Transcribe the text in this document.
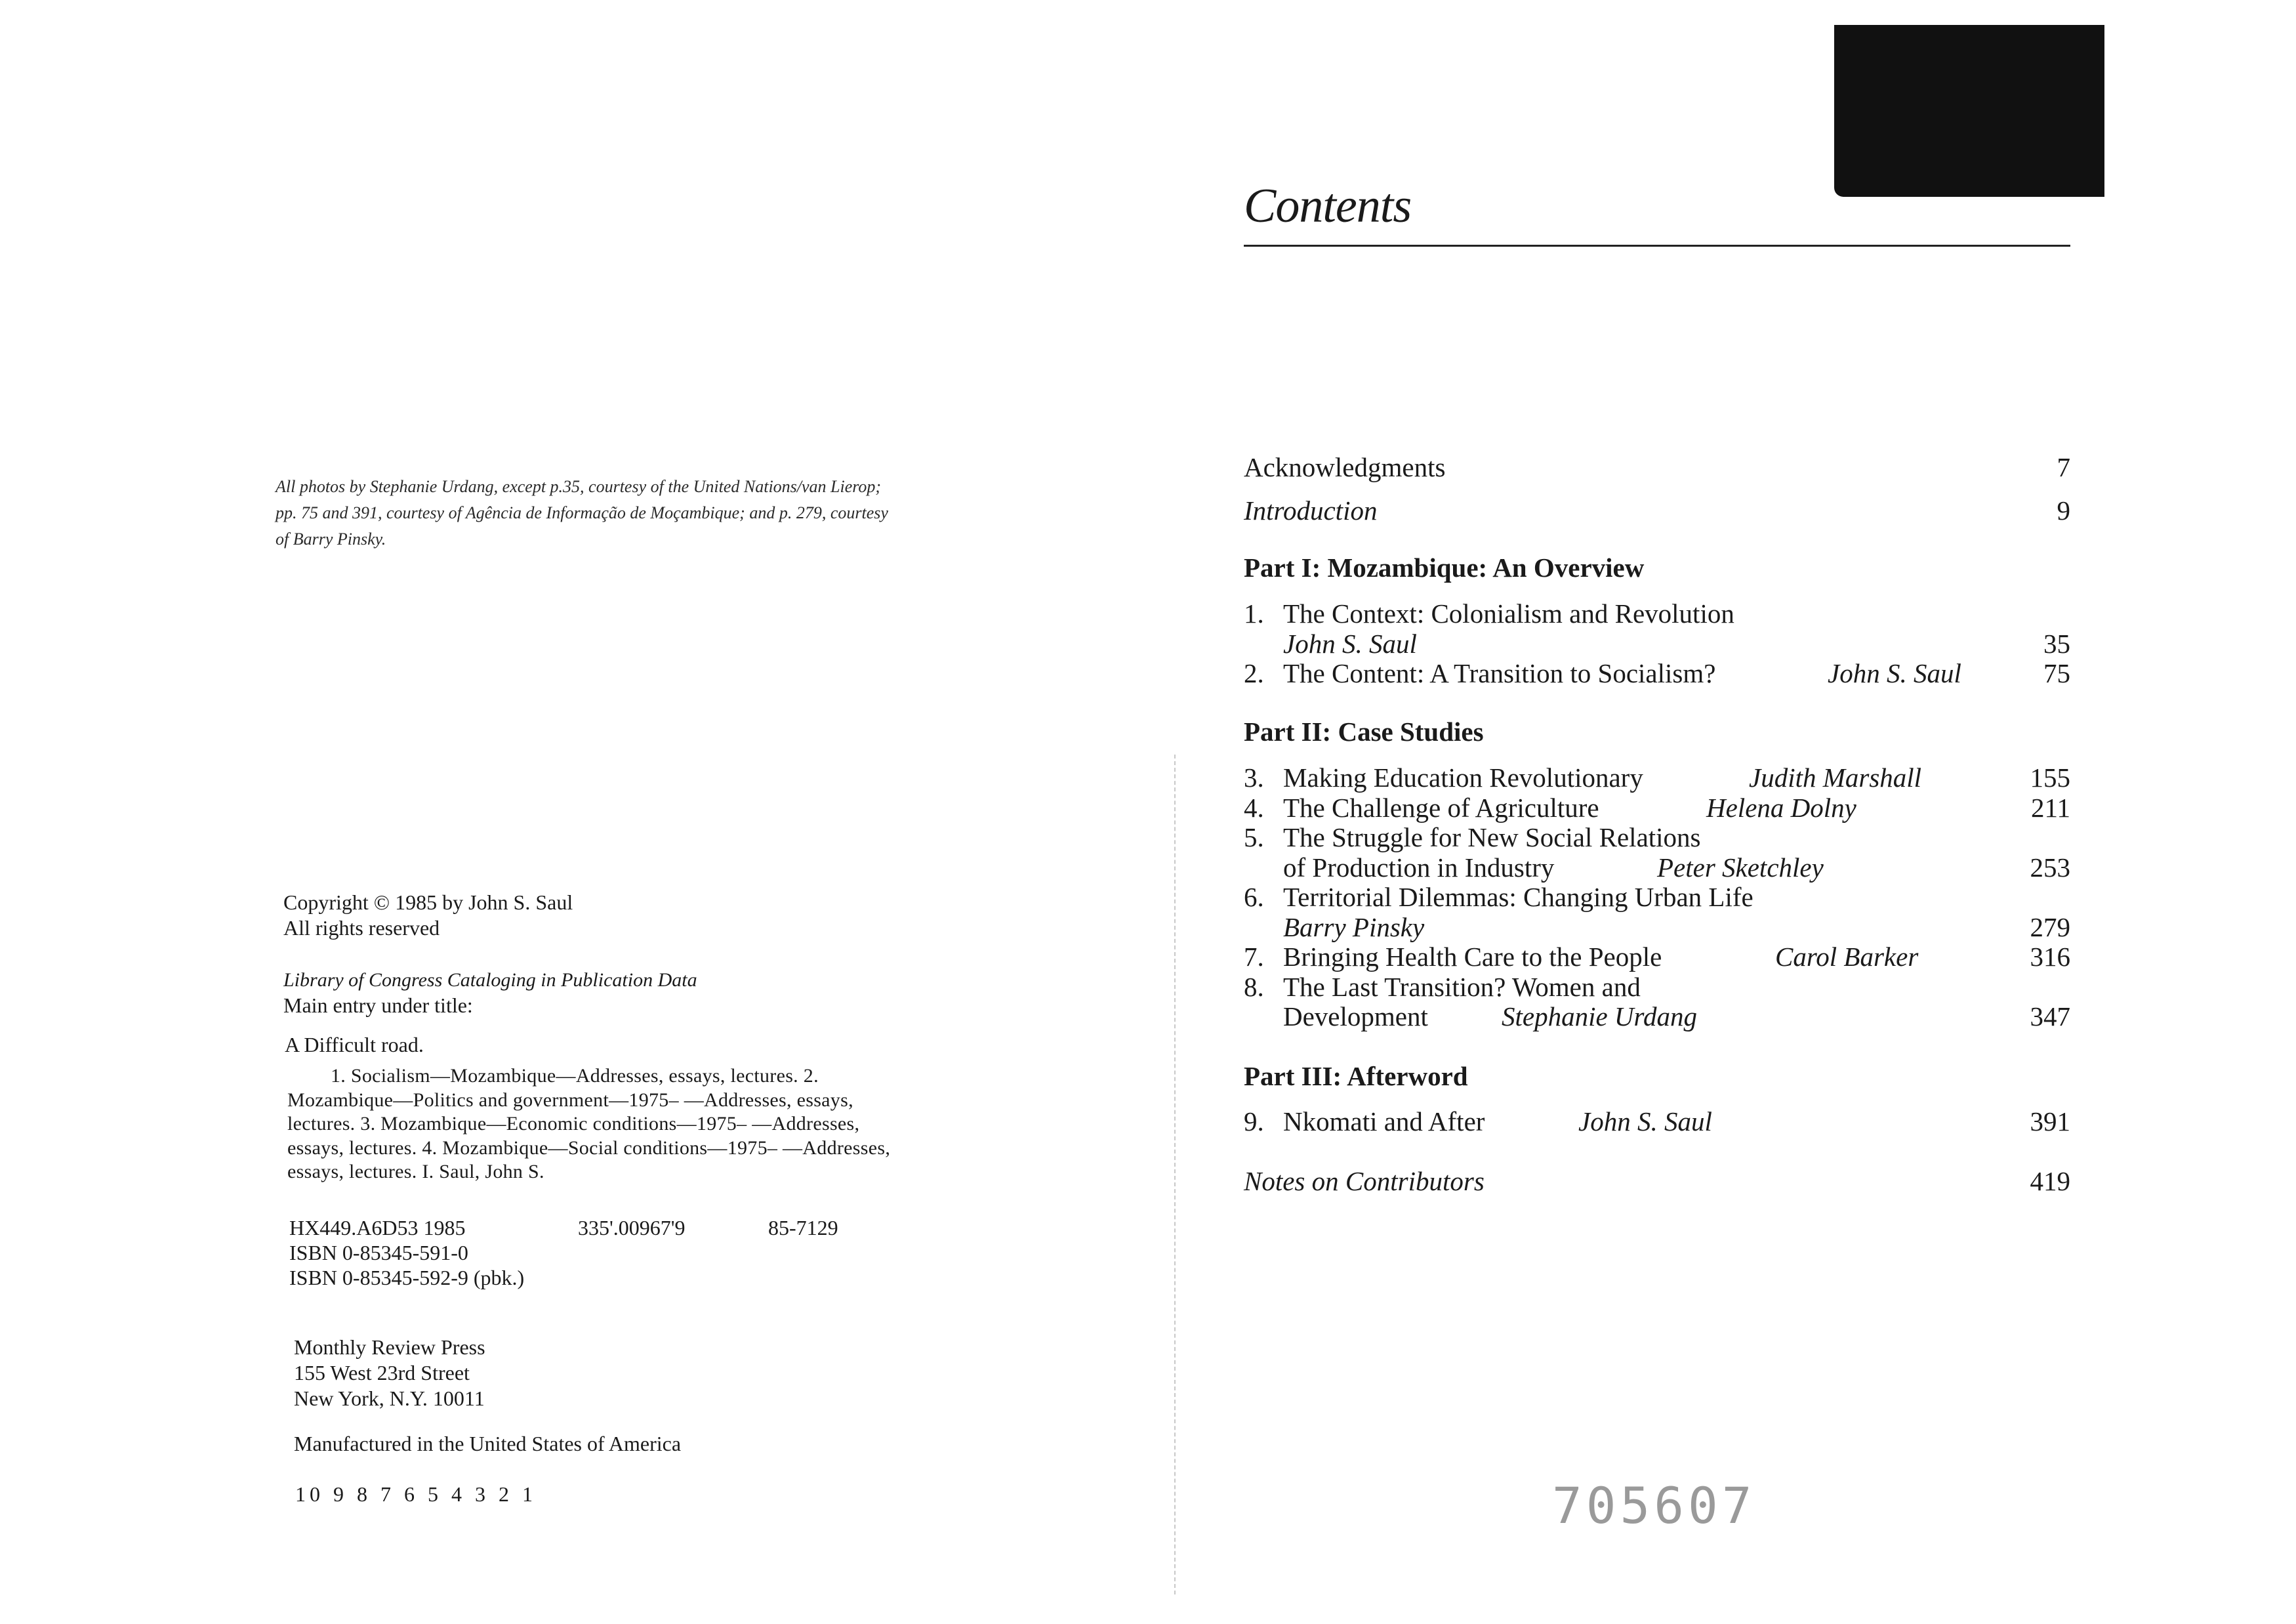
All photos by Stephanie Urdang, except p.35, courtesy of the United Nations/van Lierop; pp. 75 and 391, courtesy of Agência de Informação de Moçambique; and p. 279, courtesy of Barry Pinsky.

Copyright © 1985 by John S. Saul
All rights reserved
Library of Congress Cataloging in Publication Data
Main entry under title:
A Difficult road.

1. Socialism—Mozambique—Addresses, essays, lectures. 2. Mozambique—Politics and government—1975– —Addresses, essays, lectures. 3. Mozambique—Economic conditions—1975– —Addresses, essays, lectures. 4. Mozambique—Social conditions—1975– —Addresses, essays, lectures. I. Saul, John S.

HX449.A6D53 1985	335'.00967'9	85-7129
ISBN 0-85345-591-0
ISBN 0-85345-592-9 (pbk.)
Monthly Review Press
155 West 23rd Street
New York, N.Y. 10011
Manufactured in the United States of America
10 9 8 7 6 5 4 3 2 1
Contents
Acknowledgments	7
Introduction	9
Part I: Mozambique: An Overview
1. The Context: Colonialism and Revolution
John S. Saul	35
2. The Content: A Transition to Socialism?	John S. Saul	75
Part II: Case Studies
3. Making Education Revolutionary	Judith Marshall	155
4. The Challenge of Agriculture	Helena Dolny	211
5. The Struggle for New Social Relations
of Production in Industry	Peter Sketchley	253
6. Territorial Dilemmas: Changing Urban Life
Barry Pinsky	279
7. Bringing Health Care to the People	Carol Barker	316
8. The Last Transition? Women and
Development	Stephanie Urdang	347
Part III: Afterword
9. Nkomati and After	John S. Saul	391
Notes on Contributors	419
705607
